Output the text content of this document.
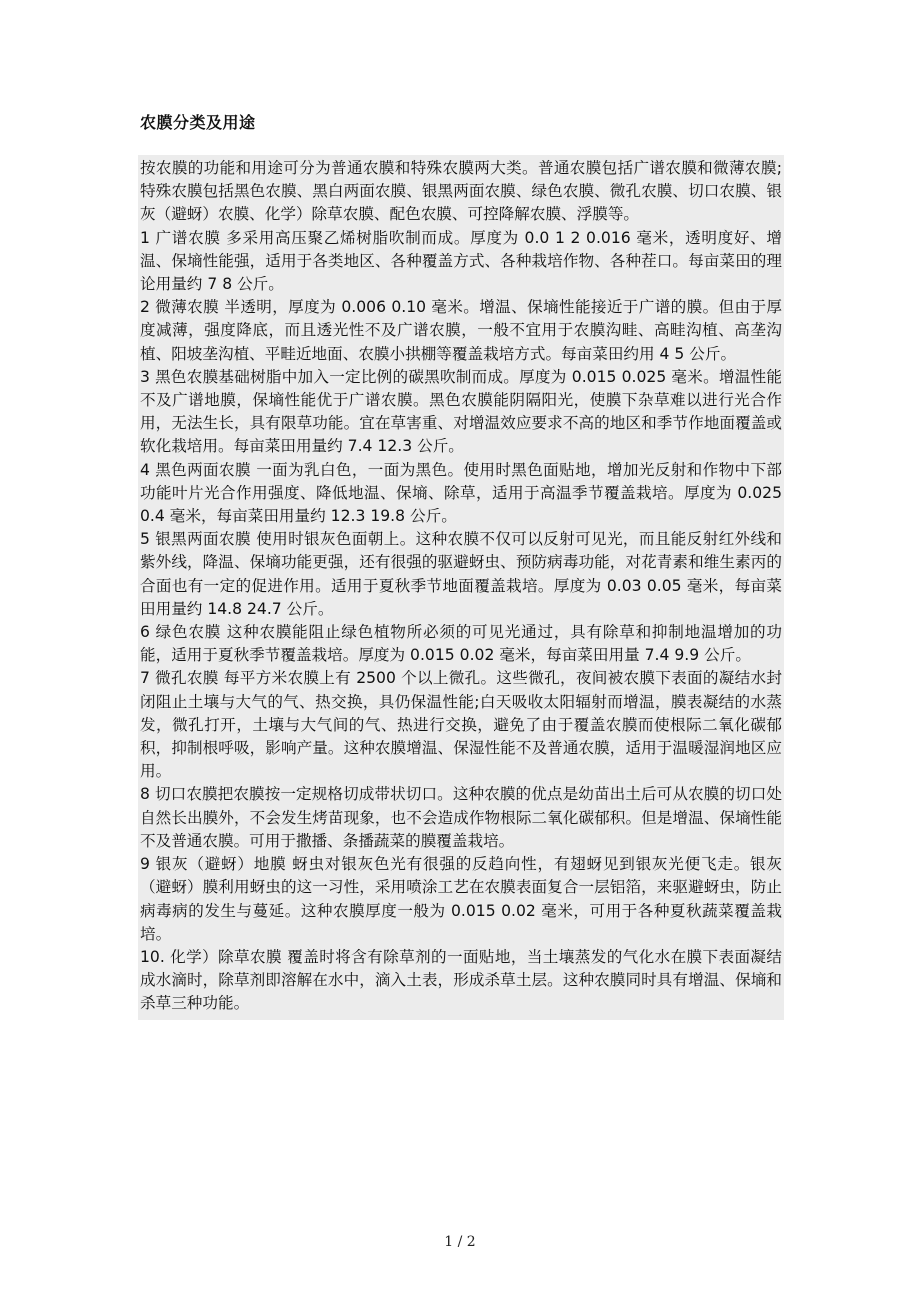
农膜分类及用途

按农膜的功能和用途可分为普通农膜和特殊农膜两大类。普通农膜包括广谱农膜和微薄农膜;特殊农膜包括黑色农膜、黑白两面农膜、银黑两面农膜、绿色农膜、微孔农膜、切口农膜、银灰（避蚜）农膜、化学）除草农膜、配色农膜、可控降解农膜、浮膜等。

1 广谱农膜 多采用高压聚乙烯树脂吹制而成。厚度为 0.0 1 2 0.016 毫米，透明度好、增温、保墒性能强，适用于各类地区、各种覆盖方式、各种栽培作物、各种茬口。每亩菜田的理论用量约 7 8 公斤。

2 微薄农膜 半透明，厚度为 0.006 0.10 毫米。增温、保墒性能接近于广谱的膜。但由于厚度减薄，强度降底，而且透光性不及广谱农膜，一般不宜用于农膜沟畦、高畦沟植、高垄沟植、阳坡垄沟植、平畦近地面、农膜小拱棚等覆盖栽培方式。每亩菜田约用 4 5 公斤。

3 黑色农膜基础树脂中加入一定比例的碳黑吹制而成。厚度为 0.015 0.025 毫米。增温性能不及广谱地膜，保墒性能优于广谱农膜。黑色农膜能阴隔阳光，使膜下杂草难以进行光合作用，无法生长，具有限草功能。宜在草害重、对增温效应要求不高的地区和季节作地面覆盖或软化栽培用。每亩菜田用量约 7.4 12.3 公斤。

4 黑色两面农膜 一面为乳白色，一面为黑色。使用时黑色面贴地，增加光反射和作物中下部功能叶片光合作用强度、降低地温、保墒、除草，适用于高温季节覆盖栽培。厚度为 0.025 0.4 毫米，每亩菜田用量约 12.3 19.8 公斤。

5 银黑两面农膜 使用时银灰色面朝上。这种农膜不仅可以反射可见光，而且能反射红外线和紫外线，降温、保墒功能更强，还有很强的驱避蚜虫、预防病毒功能，对花青素和维生素丙的合面也有一定的促进作用。适用于夏秋季节地面覆盖栽培。厚度为 0.03 0.05 毫米，每亩菜田用量约 14.8 24.7 公斤。

6 绿色农膜 这种农膜能阻止绿色植物所必须的可见光通过，具有除草和抑制地温增加的功能，适用于夏秋季节覆盖栽培。厚度为 0.015 0.02 毫米，每亩菜田用量 7.4 9.9 公斤。

7 微孔农膜 每平方米农膜上有 2500 个以上微孔。这些微孔，夜间被农膜下表面的凝结水封闭阻止土壤与大气的气、热交换，具仍保温性能;白天吸收太阳辐射而增温，膜表凝结的水蒸发，微孔打开，土壤与大气间的气、热进行交换，避免了由于覆盖农膜而使根际二氧化碳郁积，抑制根呼吸，影响产量。这种农膜增温、保湿性能不及普通农膜，适用于温暖湿润地区应用。

8 切口农膜把农膜按一定规格切成带状切口。这种农膜的优点是幼苗出土后可从农膜的切口处自然长出膜外，不会发生烤苗现象，也不会造成作物根际二氧化碳郁积。但是增温、保墒性能不及普通农膜。可用于撒播、条播蔬菜的膜覆盖栽培。

9 银灰（避蚜）地膜 蚜虫对银灰色光有很强的反趋向性，有翅蚜见到银灰光便飞走。银灰（避蚜）膜利用蚜虫的这一习性，采用喷涂工艺在农膜表面复合一层铝箔，来驱避蚜虫，防止病毒病的发生与蔓延。这种农膜厚度一般为 0.015 0.02 毫米，可用于各种夏秋蔬菜覆盖栽培。

10. 化学）除草农膜 覆盖时将含有除草剂的一面贴地，当土壤蒸发的气化水在膜下表面凝结成水滴时，除草剂即溶解在水中，滴入土表，形成杀草土层。这种农膜同时具有增温、保墒和杀草三种功能。

1 / 2
